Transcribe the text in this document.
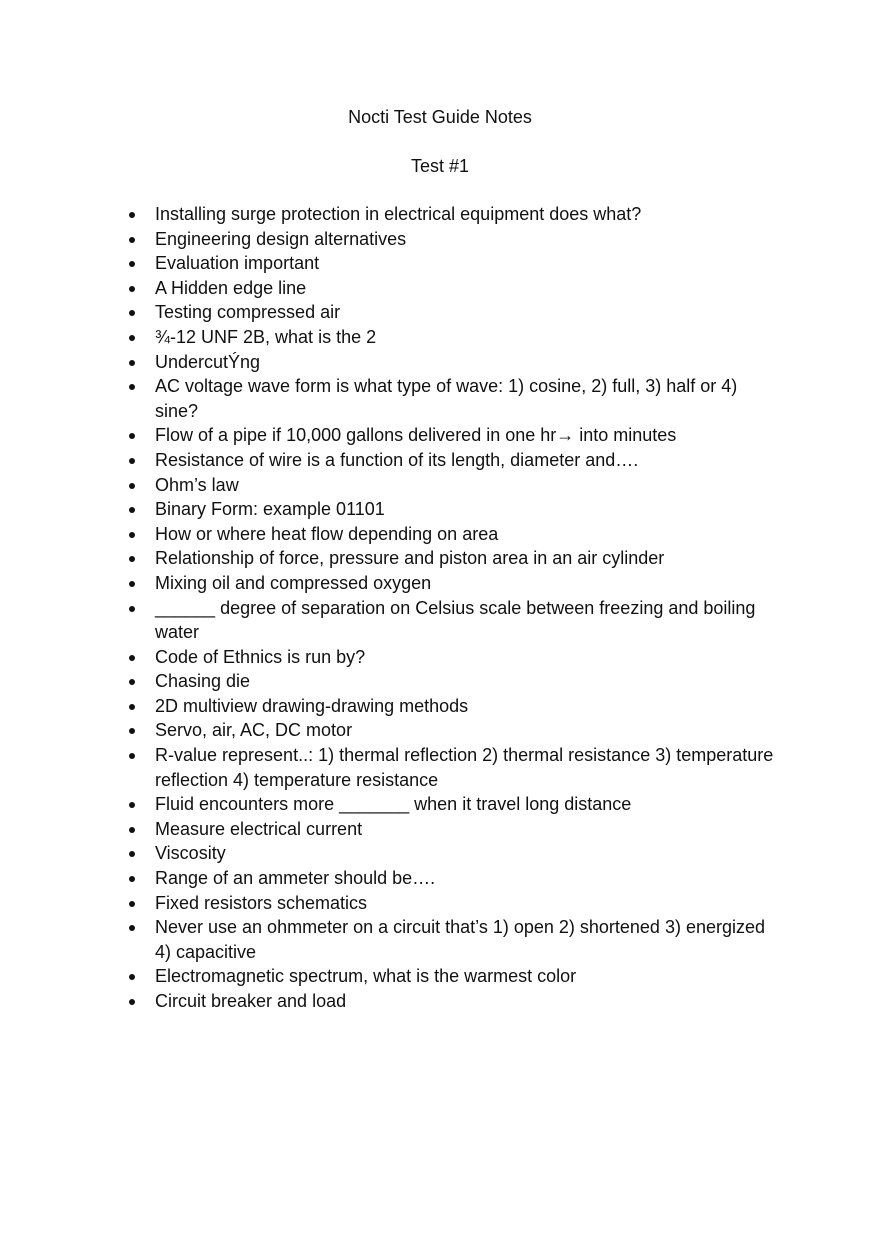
Nocti Test Guide Notes
Test #1
Installing surge protection in electrical equipment does what?
Engineering design alternatives
Evaluation important
A Hidden edge line
Testing compressed air
¾-12 UNF 2B, what is the 2
UndercutÝng
AC voltage wave form is what type of wave: 1) cosine, 2) full, 3) half or 4) sine?
Flow of a pipe if 10,000 gallons delivered in one hr→ into minutes
Resistance of wire is a function of its length, diameter and….
Ohm’s law
Binary Form: example 01101
How or where heat flow depending on area
Relationship of force, pressure and piston area in an air cylinder
Mixing oil and compressed oxygen
______ degree of separation on Celsius scale between freezing and boiling water
Code of Ethnics is run by?
Chasing die
2D multiview drawing-drawing methods
Servo, air, AC, DC motor
R-value represent..: 1) thermal reflection 2) thermal resistance 3) temperature reflection 4) temperature resistance
Fluid encounters more _______ when it travel long distance
Measure electrical current
Viscosity
Range of an ammeter should be….
Fixed resistors schematics
Never use an ohmmeter on a circuit that’s 1) open 2) shortened 3) energized 4) capacitive
Electromagnetic spectrum, what is the warmest color
Circuit breaker and load
